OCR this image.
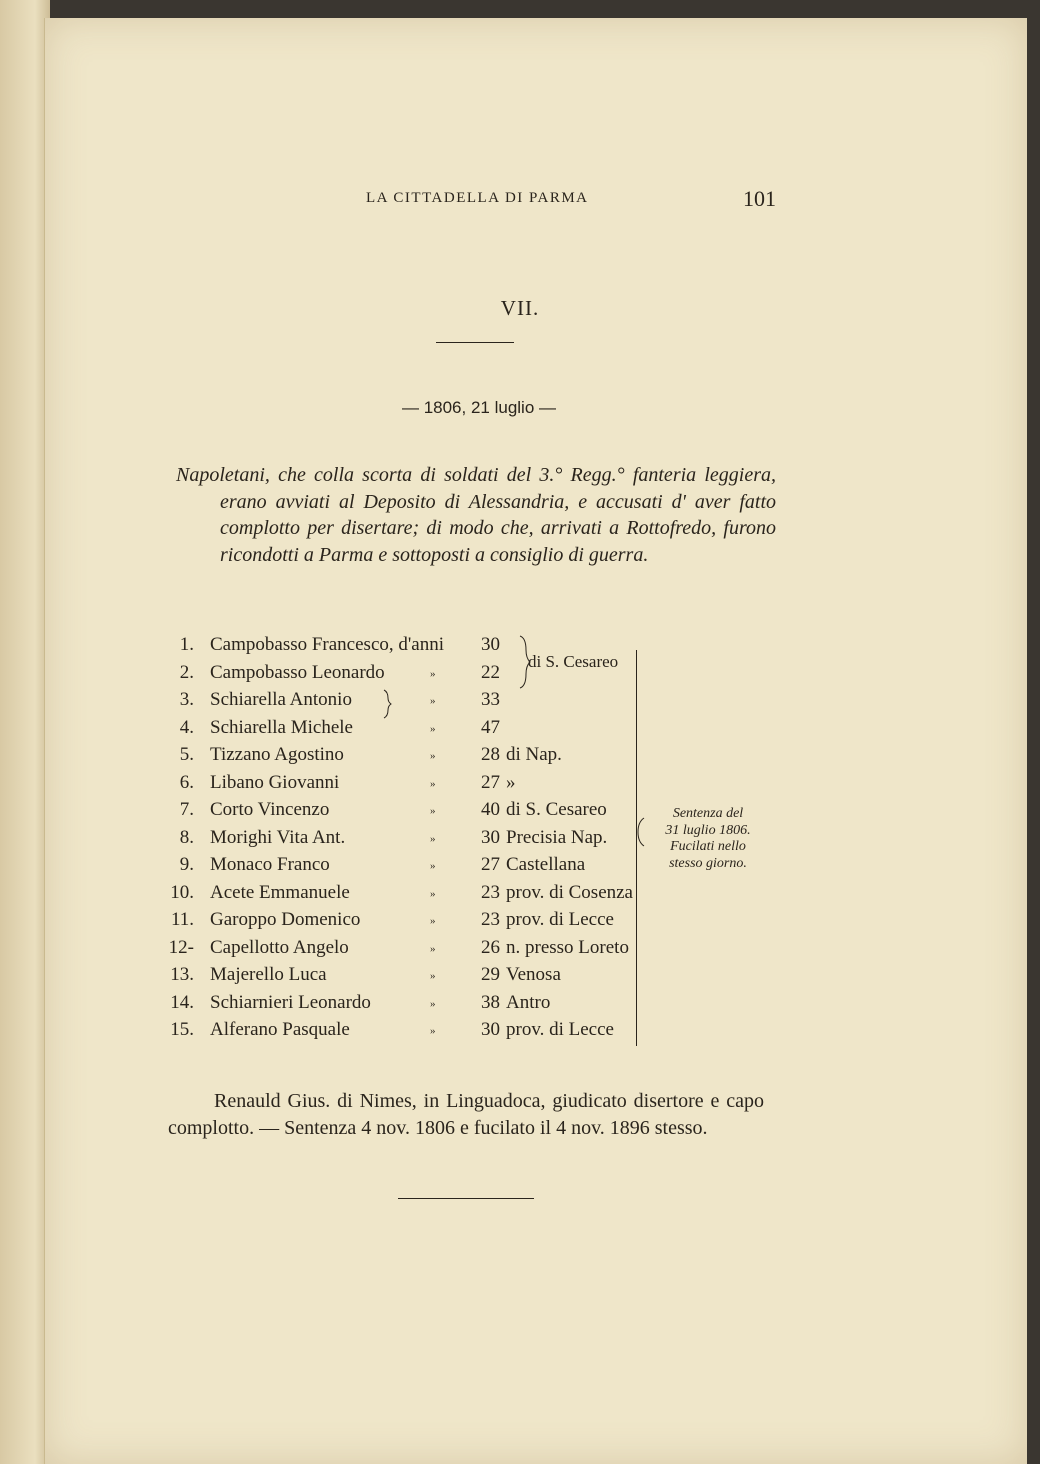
LA CITTADELLA DI PARMA	101
VII.
— 1806, 21 luglio —
Napoletani, che colla scorta di soldati del 3.° Regg.° fanteria leggiera, erano avviati al Deposito di Alessandria, e accusati d' aver fatto complotto per disertare; di modo che, arrivati a Rottofredo, furono ricondotti a Parma e sottoposti a consiglio di guerra.
1. Campobasso Francesco, d'anni	30
2. Campobasso Leonardo	»	22
3. Schiarella Antonio	»	33
4. Schiarella Michele	»	47
5. Tizzano Agostino	»	28 di Nap.
6. Libano Giovanni	»	27 »
7. Corto Vincenzo	»	40 di S. Cesareo
8. Morighi Vita Ant.	»	30 Precisia Nap.
9. Monaco Franco	»	27 Castellana
10. Acete Emmanuele	»	23 prov. di Cosenza
11. Garoppo Domenico	»	23 prov. di Lecce
12- Capellotto Angelo	»	26 n. presso Loreto
13. Majerello Luca	»	29 Venosa
14. Schiarnieri Leonardo	»	38 Antro
15. Alferano Pasquale	»	30 prov. di Lecce
di S. Cesareo
Sentenza del
31 luglio 1806.
Fucilati nello
stesso giorno.

Renauld Gius. di Nimes, in Linguadoca, giudicato disertore e capo complotto. — Sentenza 4 nov. 1806 e fucilato il 4 nov. 1896 stesso.
